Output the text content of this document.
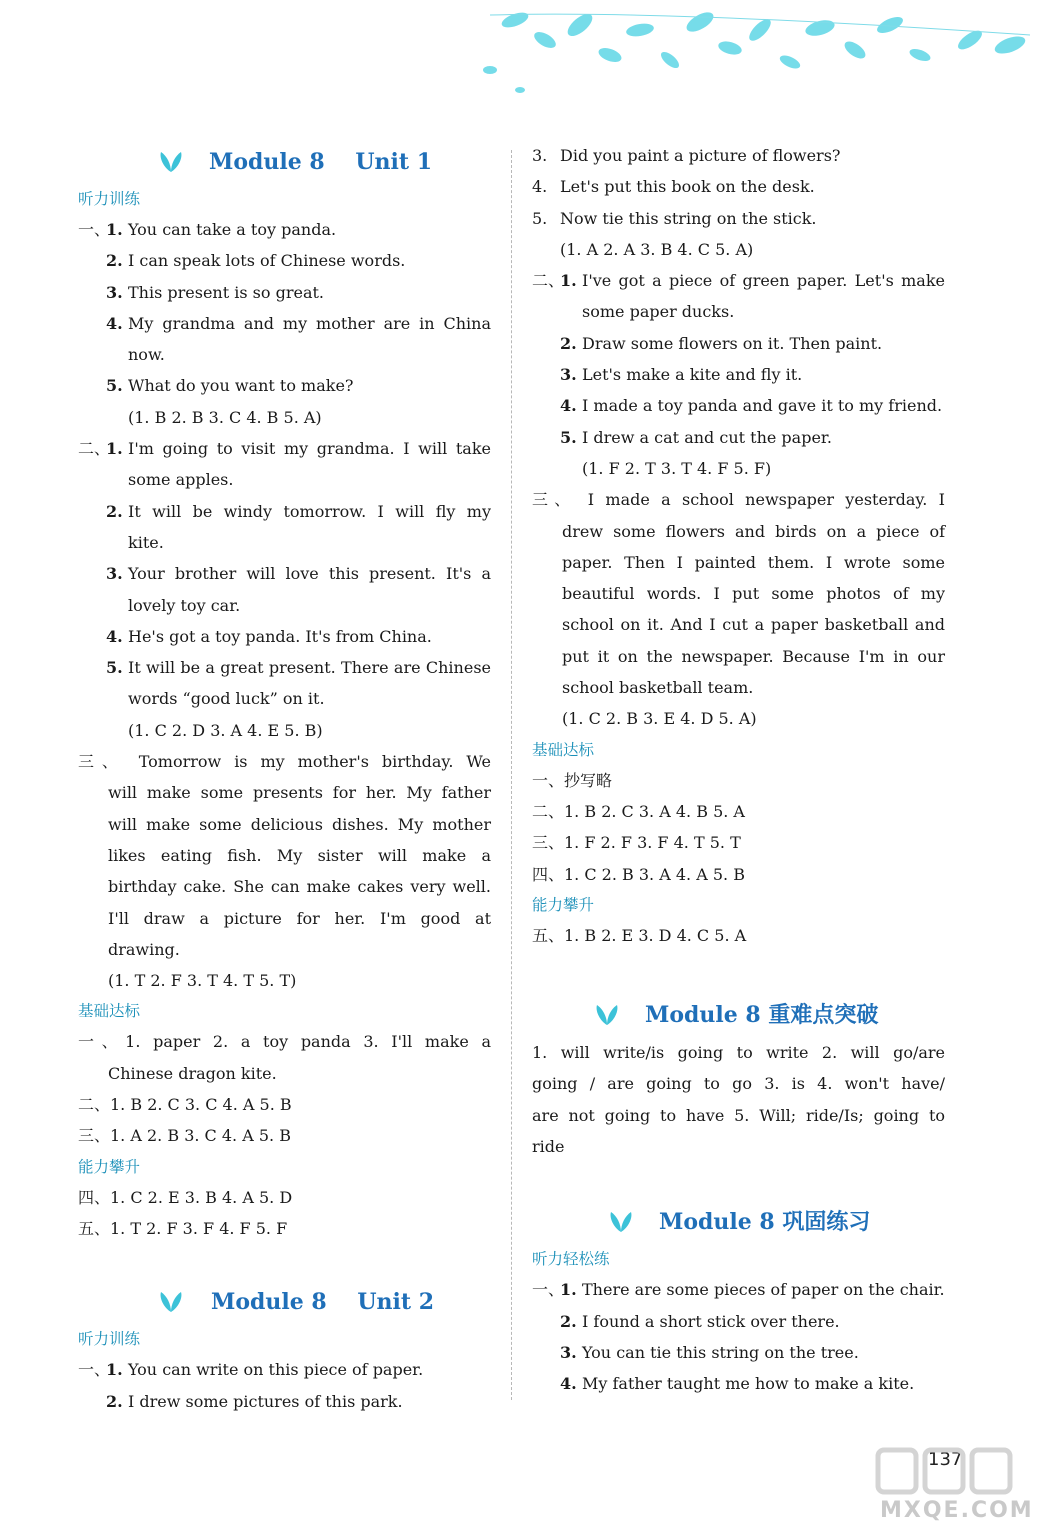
Module 8    Unit 1
听力训练
一、1. You can take a toy panda.
2. I can speak lots of Chinese words.
3. This present is so great.
4. My grandma and my mother are in China
now.
5. What do you want to make?
(1. B 2. B 3. C 4. B 5. A)
二、1. I'm going to visit my grandma. I will take
some apples.
2. It will be windy tomorrow. I will fly my
kite.
3. Your brother will love this present. It's a
lovely toy car.
4. He's got a toy panda. It's from China.
5. It will be a great present. There are Chinese
words “good luck” on it.
(1. C 2. D 3. A 4. E 5. B)
三、 Tomorrow is my mother's birthday. We
will make some presents for her. My father
will make some delicious dishes. My mother
likes eating fish. My sister will make a
birthday cake. She can make cakes very well.
I'll draw a picture for her. I'm good at
drawing.
(1. T 2. F 3. T 4. T 5. T)
基础达标
一、1. paper 2. a toy panda 3. I'll make a
Chinese dragon kite.
二、1. B 2. C 3. C 4. A 5. B
三、1. A 2. B 3. C 4. A 5. B
能力攀升
四、1. C 2. E 3. B 4. A 5. D
五、1. T 2. F 3. F 4. F 5. F
Module 8    Unit 2
听力训练
一、1. You can write on this piece of paper.
2. I drew some pictures of this park.
3. Did you paint a picture of flowers?
4. Let's put this book on the desk.
5. Now tie this string on the stick.
(1. A 2. A 3. B 4. C 5. A)
二、1. I've got a piece of green paper. Let's make
some paper ducks.
2. Draw some flowers on it. Then paint.
3. Let's make a kite and fly it.
4. I made a toy panda and gave it to my friend.
5. I drew a cat and cut the paper.
(1. F 2. T 3. T 4. F 5. F)
三、 I made a school newspaper yesterday. I
drew some flowers and birds on a piece of
paper. Then I painted them. I wrote some
beautiful words. I put some photos of my
school on it. And I cut a paper basketball and
put it on the newspaper. Because I'm in our
school basketball team.
(1. C 2. B 3. E 4. D 5. A)
基础达标
一、抄写略
二、1. B 2. C 3. A 4. B 5. A
三、1. F 2. F 3. F 4. T 5. T
四、1. C 2. B 3. A 4. A 5. B
能力攀升
五、1. B 2. E 3. D 4. C 5. A
Module 8 重难点突破
1. will write/is going to write 2. will go/are
going / are going to go 3. is 4. won't have/
are not going to have 5. Will; ride/Is; going to
ride
Module 8 巩固练习
听力轻松练
一、1. There are some pieces of paper on the chair.
2. I found a short stick over there.
3. You can tie this string on the tree.
4. My father taught me how to make a kite.
137
MXQE.COM
